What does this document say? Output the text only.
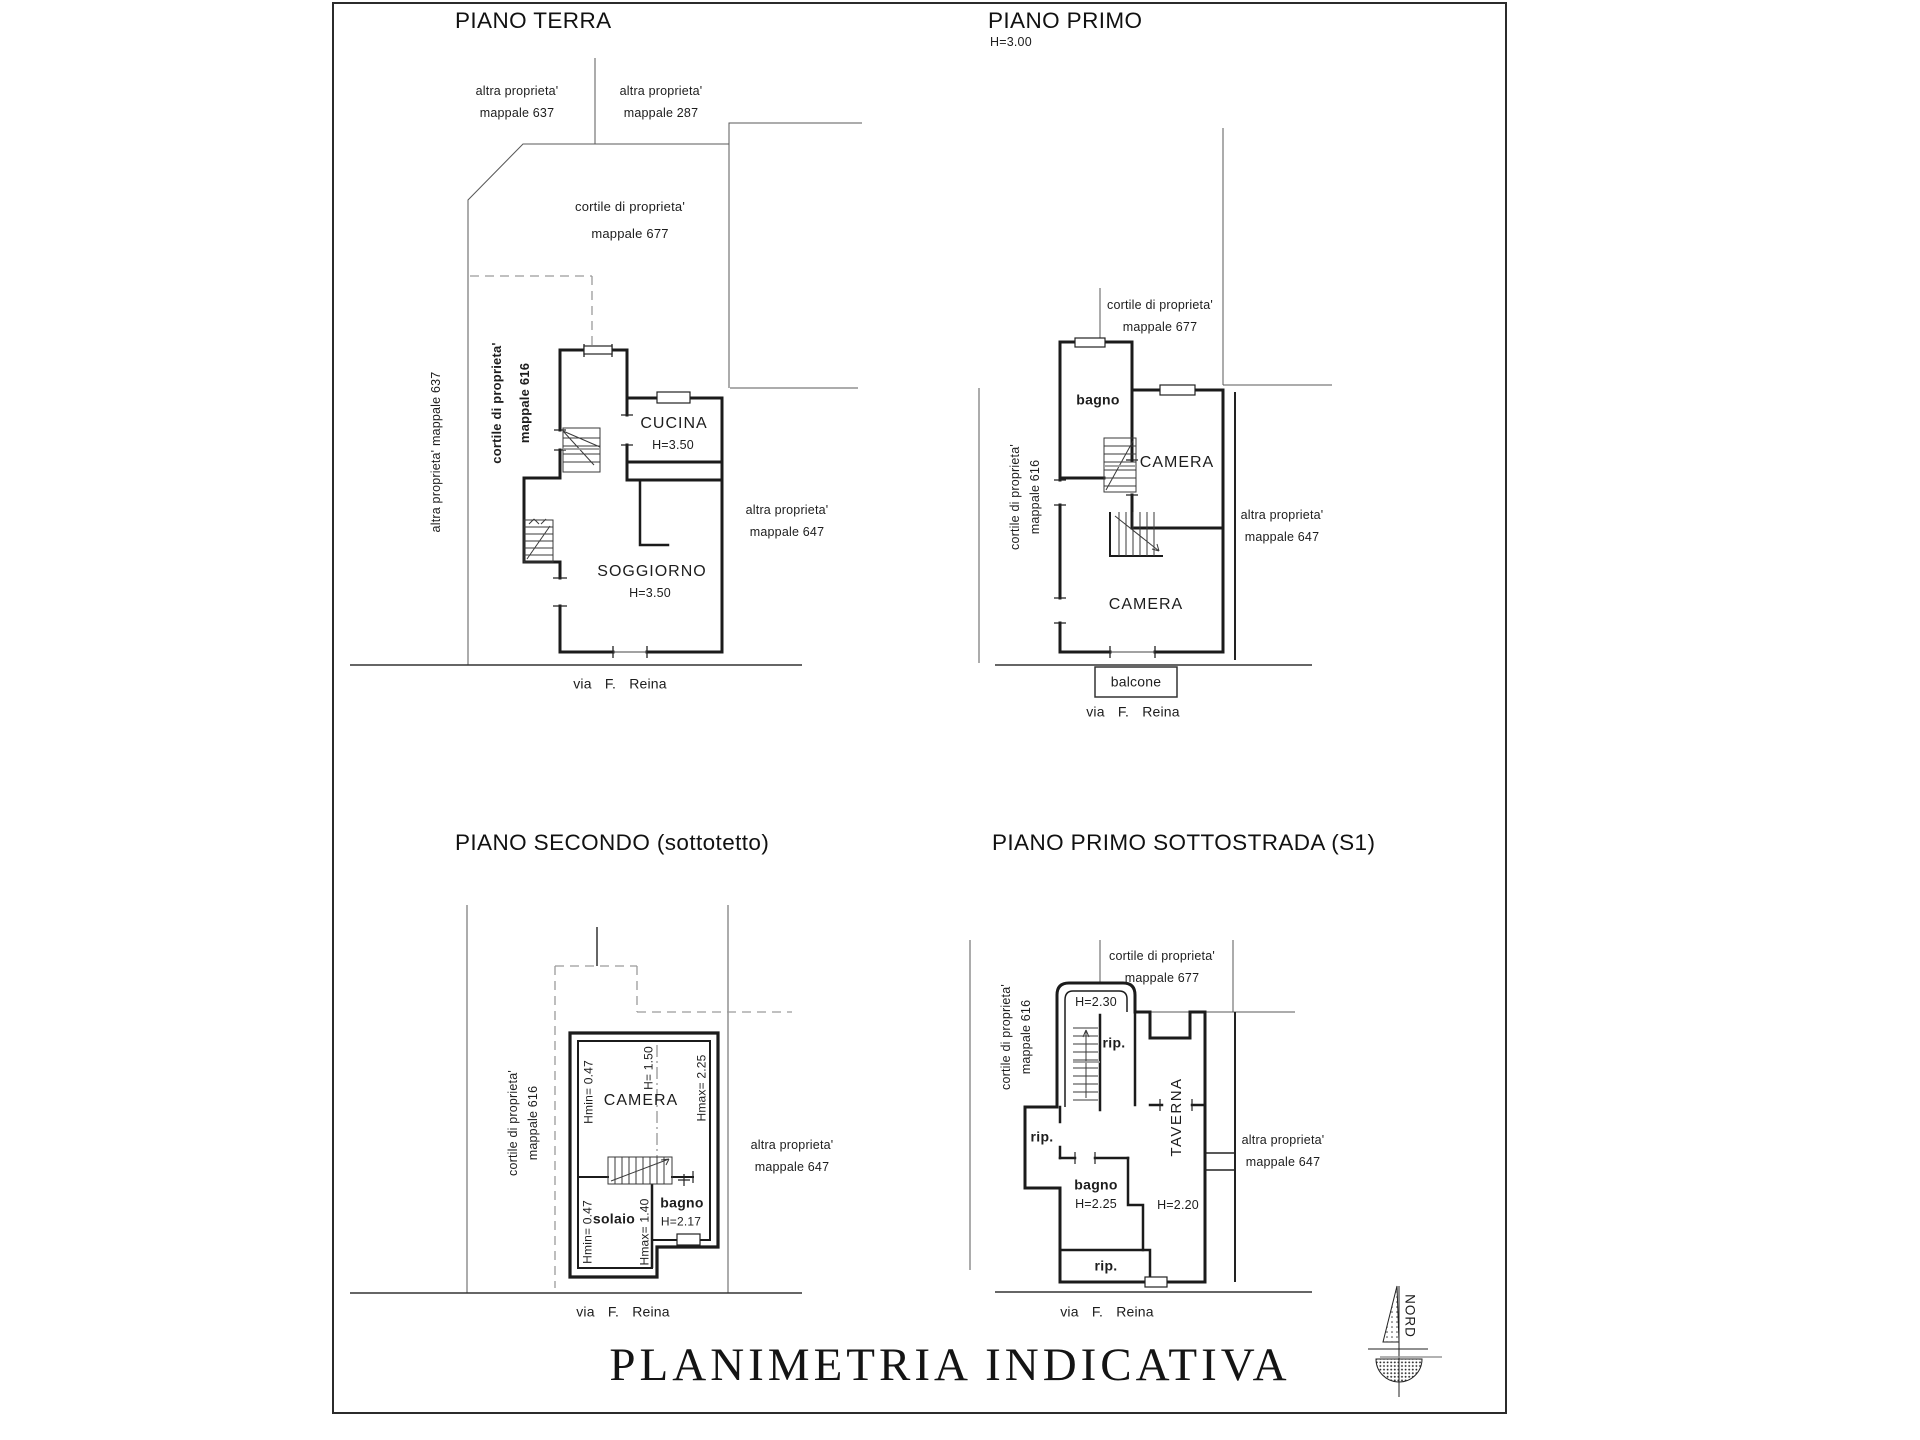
PIANO TERRA
altra proprieta'
mappale 637
altra proprieta'
mappale 287
cortile di proprieta'
mappale 677
cortile di proprieta' mappale 616
altra proprieta' mappale 637	CUCINA
H=3.50
SOGGIORNO
H=3.50
altra proprieta'
mappale 647
via F. Reina
PIANO PRIMO
H=3.00
cortile di proprieta'
mappale 677
bagno
CAMERA
cortile di proprieta' mappale 616	altra proprieta'
mappale 647
CAMERA
balcone
via F. Reina
PIANO SECONDO (sottotetto)
cortile di proprieta' mappale 616	CAMERA
Hmin= 0.47	H= 1.50	Hmax= 2.25
solaio
Hmin= 0.47	Hmax= 1.40 bagno
H=2.17
altra proprieta'
mappale 647
via F. Reina
PIANO PRIMO SOTTOSTRADA (S1)
cortile di proprieta'
mappale 677
cortile di proprieta' mappale 616	H=2.30
rip.
rip.
bagno
H=2.25	H=2.20
TAVERNA
rip.
altra proprieta'
mappale 647
via F. Reina
PLANIMETRIA INDICATIVA
NORD
